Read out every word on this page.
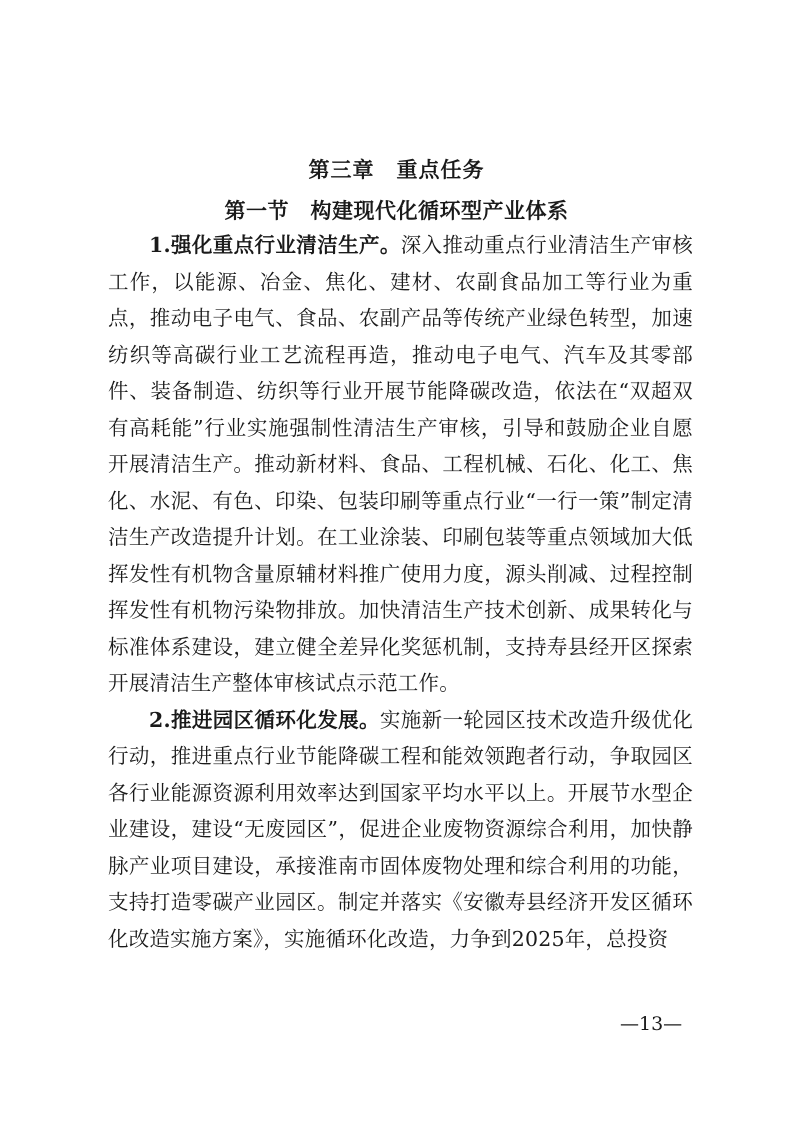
第三章　重点任务
第一节　构建现代化循环型产业体系

1.强化重点行业清洁生产。深入推动重点行业清洁生产审核工作，以能源、冶金、焦化、建材、农副食品加工等行业为重点，推动电子电气、食品、农副产品等传统产业绿色转型，加速纺织等高碳行业工艺流程再造，推动电子电气、汽车及其零部件、装备制造、纺织等行业开展节能降碳改造，依法在“双超双有高耗能”行业实施强制性清洁生产审核，引导和鼓励企业自愿开展清洁生产。推动新材料、食品、工程机械、石化、化工、焦化、水泥、有色、印染、包装印刷等重点行业“一行一策”制定清洁生产改造提升计划。在工业涂装、印刷包装等重点领域加大低挥发性有机物含量原辅材料推广使用力度，源头削减、过程控制挥发性有机物污染物排放。加快清洁生产技术创新、成果转化与标准体系建设，建立健全差异化奖惩机制，支持寿县经开区探索开展清洁生产整体审核试点示范工作。

2.推进园区循环化发展。实施新一轮园区技术改造升级优化行动，推进重点行业节能降碳工程和能效领跑者行动，争取园区各行业能源资源利用效率达到国家平均水平以上。开展节水型企业建设，建设“无废园区”，促进企业废物资源综合利用，加快静脉产业项目建设，承接淮南市固体废物处理和综合利用的功能，支持打造零碳产业园区。制定并落实《安徽寿县经济开发区循环化改造实施方案》，实施循环化改造，力争到2025年，总投资

—13—
